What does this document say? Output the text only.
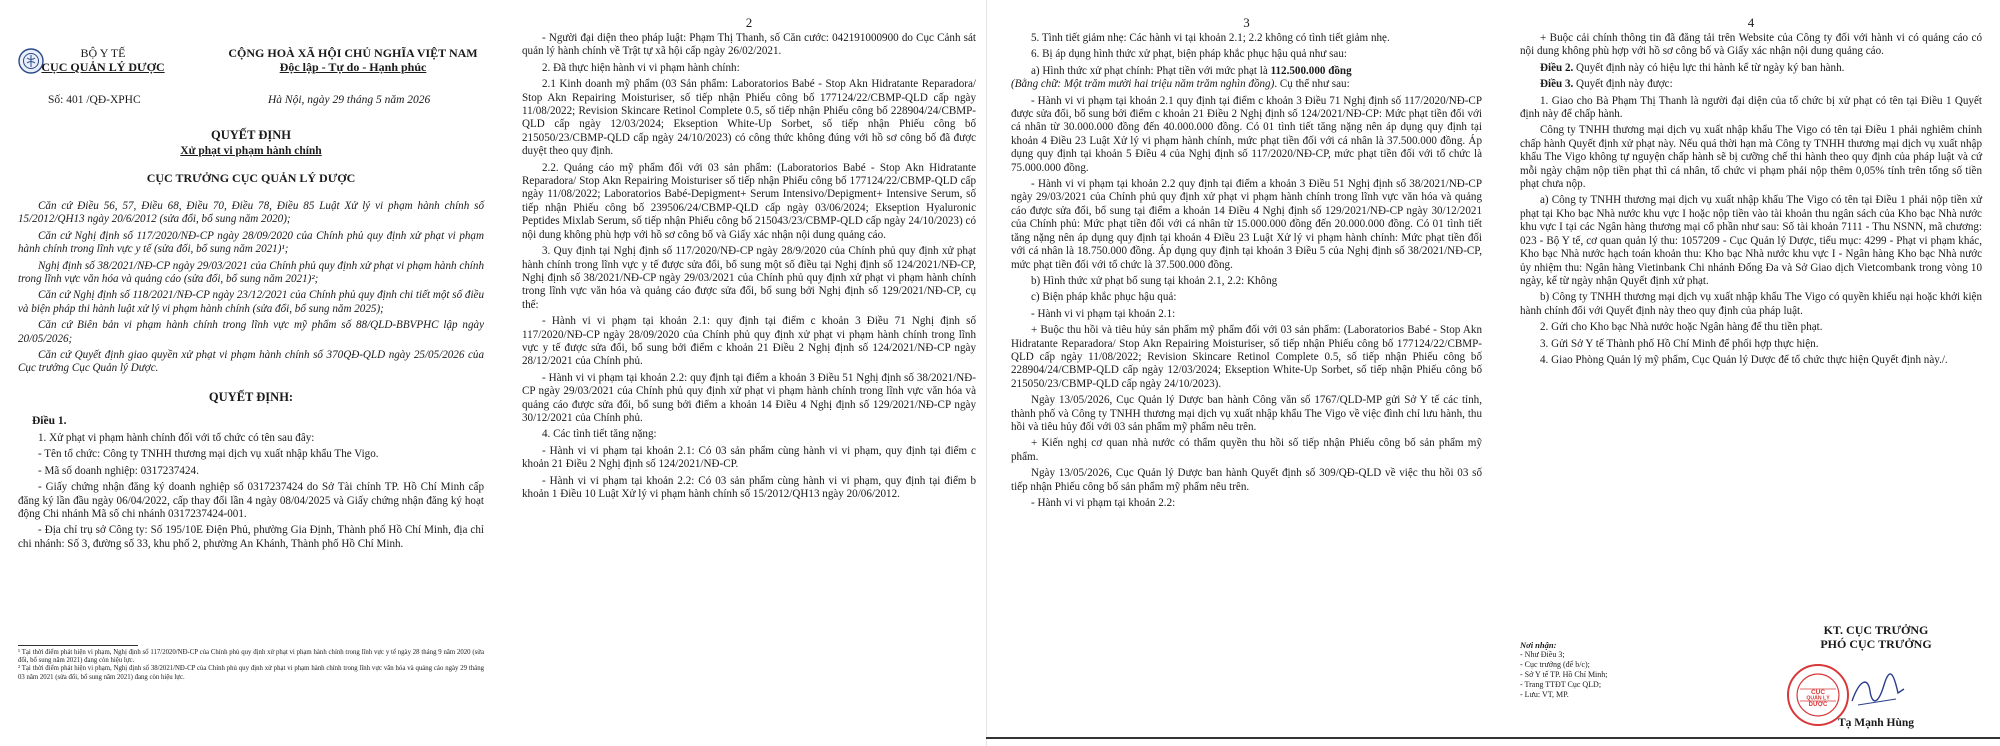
BỘ Y TẾ
CỤC QUẢN LÝ DƯỢC
CỘNG HOÀ XÃ HỘI CHỦ NGHĨA VIỆT NAM
Độc lập - Tự do - Hạnh phúc
Số: 401 /QĐ-XPHC	Hà Nội, ngày 29 tháng 5 năm 2026
QUYẾT ĐỊNH
Xử phạt vi phạm hành chính
CỤC TRƯỞNG CỤC QUẢN LÝ DƯỢC

Căn cứ Điều 56, 57, Điều 68, Điều 70, Điều 78, Điều 85 Luật Xử lý vi phạm hành chính số 15/2012/QH13 ngày 20/6/2012 (sửa đổi, bổ sung năm 2020);

Căn cứ Nghị định số 117/2020/NĐ-CP ngày 28/09/2020 của Chính phủ quy định xử phạt vi phạm hành chính trong lĩnh vực y tế (sửa đổi, bổ sung năm 2021)¹;

Nghị định số 38/2021/NĐ-CP ngày 29/03/2021 của Chính phủ quy định xử phạt vi phạm hành chính trong lĩnh vực văn hóa và quảng cáo (sửa đổi, bổ sung năm 2021)²;

Căn cứ Nghị định số 118/2021/NĐ-CP ngày 23/12/2021 của Chính phủ quy định chi tiết một số điều và biện pháp thi hành luật xử lý vi phạm hành chính (sửa đổi, bổ sung năm 2025);

Căn cứ Biên bản vi phạm hành chính trong lĩnh vực mỹ phẩm số 88/QLD-BBVPHC lập ngày 20/05/2026;

Căn cứ Quyết định giao quyền xử phạt vi phạm hành chính số 370QĐ-QLD ngày 25/05/2026 của Cục trưởng Cục Quản lý Dược.

QUYẾT ĐỊNH:
Điều 1.

1. Xử phạt vi phạm hành chính đối với tổ chức có tên sau đây:

- Tên tổ chức: Công ty TNHH thương mại dịch vụ xuất nhập khẩu The Vigo.

- Mã số doanh nghiệp: 0317237424.

- Giấy chứng nhận đăng ký doanh nghiệp số 0317237424 do Sở Tài chính TP. Hồ Chí Minh cấp đăng ký lần đầu ngày 06/04/2022, cấp thay đổi lần 4 ngày 08/04/2025 và Giấy chứng nhận đăng ký hoạt động Chi nhánh Mã số chi nhánh 0317237424-001.

- Địa chỉ trụ sở Công ty: Số 195/10E Điện Phủ, phường Gia Định, Thành phố Hồ Chí Minh, địa chỉ chi nhánh: Số 3, đường số 33, khu phố 2, phường An Khánh, Thành phố Hồ Chí Minh.

¹ Tại thời điểm phát hiện vi phạm, Nghị định số 117/2020/NĐ-CP của Chính phủ quy định xử phạt vi phạm hành chính trong lĩnh vực y tế ngày 28 tháng 9 năm 2020 (sửa đổi, bổ sung năm 2021) đang còn hiệu lực.

² Tại thời điểm phát hiện vi phạm, Nghị định số 38/2021/NĐ-CP của Chính phủ quy định xử phạt vi phạm hành chính trong lĩnh vực văn hóa và quảng cáo ngày 29 tháng 03 năm 2021 (sửa đổi, bổ sung năm 2021) đang còn hiệu lực.

2

- Người đại diện theo pháp luật: Phạm Thị Thanh, số Căn cước: 042191000900 do Cục Cảnh sát quản lý hành chính về Trật tự xã hội cấp ngày 26/02/2021.

2. Đã thực hiện hành vi vi phạm hành chính:

2.1 Kinh doanh mỹ phẩm (03 Sản phẩm: Laboratorios Babé - Stop Akn Hidratante Reparadora/ Stop Akn Repairing Moisturiser, số tiếp nhận Phiếu công bố 177124/22/CBMP-QLD cấp ngày 11/08/2022; Revision Skincare Retinol Complete 0.5, số tiếp nhận Phiếu công bố 228904/24/CBMP-QLD cấp ngày 12/03/2024; Ekseption White-Up Sorbet, số tiếp nhận Phiếu công bố 215050/23/CBMP-QLD cấp ngày 24/10/2023) có công thức không đúng với hồ sơ công bố đã được duyệt theo quy định.

2.2. Quảng cáo mỹ phẩm đối với 03 sản phẩm: (Laboratorios Babé - Stop Akn Hidratante Reparadora/ Stop Akn Repairing Moisturiser số tiếp nhận Phiếu công bố 177124/22/CBMP-QLD cấp ngày 11/08/2022; Laboratorios Babé-Depigment+ Serum Intensivo/Depigment+ Intensive Serum, số tiếp nhận Phiếu công bố 239506/24/CBMP-QLD cấp ngày 03/06/2024; Ekseption Hyaluronic Peptides Mixlab Serum, số tiếp nhận Phiếu công bố 215043/23/CBMP-QLD cấp ngày 24/10/2023) có nội dung không phù hợp với hồ sơ công bố và Giấy xác nhận nội dung quảng cáo.

3. Quy định tại Nghị định số 117/2020/NĐ-CP ngày 28/9/2020 của Chính phủ quy định xử phạt hành chính trong lĩnh vực y tế được sửa đổi, bổ sung một số điều tại Nghị định số 124/2021/NĐ-CP, Nghị định số 38/2021/NĐ-CP ngày 29/03/2021 của Chính phủ quy định xử phạt vi phạm hành chính trong lĩnh vực văn hóa và quảng cáo được sửa đổi, bổ sung bởi Nghị định số 129/2021/NĐ-CP, cụ thể:

- Hành vi vi phạm tại khoản 2.1: quy định tại điểm c khoản 3 Điều 71 Nghị định số 117/2020/NĐ-CP ngày 28/09/2020 của Chính phủ quy định xử phạt vi phạm hành chính trong lĩnh vực y tế được sửa đổi, bổ sung bởi điểm c khoản 21 Điều 2 Nghị định số 124/2021/NĐ-CP ngày 28/12/2021 của Chính phủ.

- Hành vi vi phạm tại khoản 2.2: quy định tại điểm a khoản 3 Điều 51 Nghị định số 38/2021/NĐ-CP ngày 29/03/2021 của Chính phủ quy định xử phạt vi phạm hành chính trong lĩnh vực văn hóa và quảng cáo được sửa đổi, bổ sung bởi điểm a khoản 14 Điều 4 Nghị định số 129/2021/NĐ-CP ngày 30/12/2021 của Chính phủ.

4. Các tình tiết tăng nặng:

- Hành vi vi phạm tại khoản 2.1: Có 03 sản phẩm cùng hành vi vi phạm, quy định tại điểm c khoản 21 Điều 2 Nghị định số 124/2021/NĐ-CP.

- Hành vi vi phạm tại khoản 2.2: Có 03 sản phẩm cùng hành vi vi phạm, quy định tại điểm b khoản 1 Điều 10 Luật Xử lý vi phạm hành chính số 15/2012/QH13 ngày 20/06/2012.

3

5. Tình tiết giảm nhẹ: Các hành vi tại khoản 2.1; 2.2 không có tình tiết giảm nhẹ.

6. Bị áp dụng hình thức xử phạt, biện pháp khắc phục hậu quả như sau:

a) Hình thức xử phạt chính: Phạt tiền với mức phạt là 112.500.000 đồng
(Bằng chữ: Một trăm mười hai triệu năm trăm nghìn đồng). Cụ thể như sau:

- Hành vi vi phạm tại khoản 2.1 quy định tại điểm c khoản 3 Điều 71 Nghị định số 117/2020/NĐ-CP được sửa đổi, bổ sung bởi điểm c khoản 21 Điều 2 Nghị định số 124/2021/NĐ-CP: Mức phạt tiền đối với cá nhân từ 30.000.000 đồng đến 40.000.000 đồng. Có 01 tình tiết tăng nặng nên áp dụng quy định tại khoản 4 Điều 23 Luật Xử lý vi phạm hành chính, mức phạt tiền đối với cá nhân là 37.500.000 đồng. Áp dụng quy định tại khoản 5 Điều 4 của Nghị định số 117/2020/NĐ-CP, mức phạt tiền đối với tổ chức là 75.000.000 đồng.

- Hành vi vi phạm tại khoản 2.2 quy định tại điểm a khoản 3 Điều 51 Nghị định số 38/2021/NĐ-CP ngày 29/03/2021 của Chính phủ quy định xử phạt vi phạm hành chính trong lĩnh vực văn hóa và quảng cáo được sửa đổi, bổ sung tại điểm a khoản 14 Điều 4 Nghị định số 129/2021/NĐ-CP ngày 30/12/2021 của Chính phủ: Mức phạt tiền đối với cá nhân từ 15.000.000 đồng đến 20.000.000 đồng. Có 01 tình tiết tăng nặng nên áp dụng quy định tại khoản 4 Điều 23 Luật Xử lý vi phạm hành chính: Mức phạt tiền đối với cá nhân là 18.750.000 đồng. Áp dụng quy định tại khoản 3 Điều 5 của Nghị định số 38/2021/NĐ-CP, mức phạt tiền đối với tổ chức là 37.500.000 đồng.

b) Hình thức xử phạt bổ sung tại khoản 2.1, 2.2: Không

c) Biện pháp khắc phục hậu quả:

- Hành vi vi phạm tại khoản 2.1:

+ Buộc thu hồi và tiêu hủy sản phẩm mỹ phẩm đối với 03 sản phẩm: (Laboratorios Babé - Stop Akn Hidratante Reparadora/ Stop Akn Repairing Moisturiser, số tiếp nhận Phiếu công bố 177124/22/CBMP-QLD cấp ngày 11/08/2022; Revision Skincare Retinol Complete 0.5, số tiếp nhận Phiếu công bố 228904/24/CBMP-QLD cấp ngày 12/03/2024; Ekseption White-Up Sorbet, số tiếp nhận Phiếu công bố 215050/23/CBMP-QLD cấp ngày 24/10/2023).

Ngày 13/05/2026, Cục Quản lý Dược ban hành Công văn số 1767/QLD-MP gửi Sở Y tế các tỉnh, thành phố và Công ty TNHH thương mại dịch vụ xuất nhập khẩu The Vigo về việc đình chỉ lưu hành, thu hồi và tiêu hủy đối với 03 sản phẩm mỹ phẩm nêu trên.

+ Kiến nghị cơ quan nhà nước có thẩm quyền thu hồi số tiếp nhận Phiếu công bố sản phẩm mỹ phẩm.

Ngày 13/05/2026, Cục Quản lý Dược ban hành Quyết định số 309/QĐ-QLD về việc thu hồi 03 số tiếp nhận Phiếu công bố sản phẩm mỹ phẩm nêu trên.

- Hành vi vi phạm tại khoản 2.2:

4

+ Buộc cải chính thông tin đã đăng tải trên Website của Công ty đối với hành vi có quảng cáo có nội dung không phù hợp với hồ sơ công bố và Giấy xác nhận nội dung quảng cáo.

Điều 2. Quyết định này có hiệu lực thi hành kể từ ngày ký ban hành.

Điều 3. Quyết định này được:

1. Giao cho Bà Phạm Thị Thanh là người đại diện của tổ chức bị xử phạt có tên tại Điều 1 Quyết định này để chấp hành.

Công ty TNHH thương mại dịch vụ xuất nhập khẩu The Vigo có tên tại Điều 1 phải nghiêm chỉnh chấp hành Quyết định xử phạt này. Nếu quá thời hạn mà Công ty TNHH thương mại dịch vụ xuất nhập khẩu The Vigo không tự nguyện chấp hành sẽ bị cưỡng chế thi hành theo quy định của pháp luật và cứ mỗi ngày chậm nộp tiền phạt thì cá nhân, tổ chức vi phạm phải nộp thêm 0,05% tính trên tổng số tiền phạt chưa nộp.

a) Công ty TNHH thương mại dịch vụ xuất nhập khẩu The Vigo có tên tại Điều 1 phải nộp tiền xử phạt tại Kho bạc Nhà nước khu vực I hoặc nộp tiền vào tài khoản thu ngân sách của Kho bạc Nhà nước khu vực I tại các Ngân hàng thương mại cổ phần như sau: Số tài khoản 7111 - Thu NSNN, mã chương: 023 - Bộ Y tế, cơ quan quản lý thu: 1057209 - Cục Quản lý Dược, tiểu mục: 4299 - Phạt vi phạm khác, Kho bạc Nhà nước hạch toán khoản thu: Kho bạc Nhà nước khu vực I - Ngân hàng Kho bạc Nhà nước ủy nhiệm thu: Ngân hàng Vietinbank Chi nhánh Đống Đa và Sở Giao dịch Vietcombank trong vòng 10 ngày, kể từ ngày nhận Quyết định xử phạt.

b) Công ty TNHH thương mại dịch vụ xuất nhập khẩu The Vigo có quyền khiếu nại hoặc khởi kiện hành chính đối với Quyết định này theo quy định của pháp luật.

2. Gửi cho Kho bạc Nhà nước hoặc Ngân hàng để thu tiền phạt.

3. Gửi Sở Y tế Thành phố Hồ Chí Minh để phối hợp thực hiện.

4. Giao Phòng Quản lý mỹ phẩm, Cục Quản lý Dược để tổ chức thực hiện Quyết định này./.

Nơi nhận:
- Như Điều 3;
- Cục trưởng (để b/c);
- Sở Y tế TP. Hồ Chí Minh;
- Trang TTĐT Cục QLD;
- Lưu: VT, MP.
KT. CỤC TRƯỞNG
PHÓ CỤC TRƯỞNG
CỤC
QUẢN LÝ
DƯỢC
Tạ Mạnh Hùng
